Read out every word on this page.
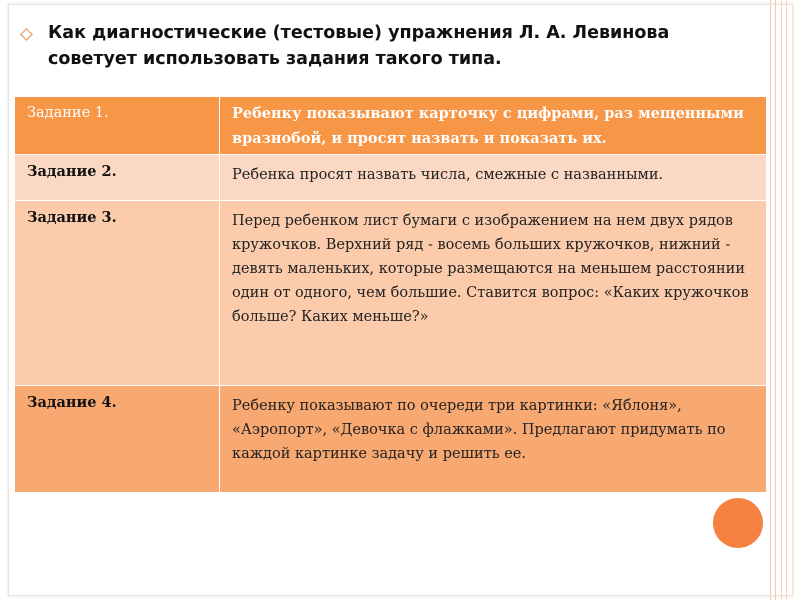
Как диагностические (тестовые) упражнения Л. А. Левинова советует использовать задания такого типа.
Задание 1.	Ребенку показывают карточку с цифрами, раз мещенными вразнобой, и просят назвать и показать их.
Задание 2.	Ребенка просят назвать числа, смежные с названными.
Задание 3.	Перед ребенком лист бумаги с изображением на нем двух рядов кружочков. Верхний ряд - восемь больших кружочков, нижний - девять маленьких, которые размещаются на меньшем расстоянии один от одного, чем большие. Ставится вопрос: «Каких кружочков больше? Каких меньше?»
Задание 4.	Ребенку показывают по очереди три картинки: «Яблоня», «Аэропорт», «Девочка с флажками». Предлагают придумать по каждой картинке задачу и решить ее.
